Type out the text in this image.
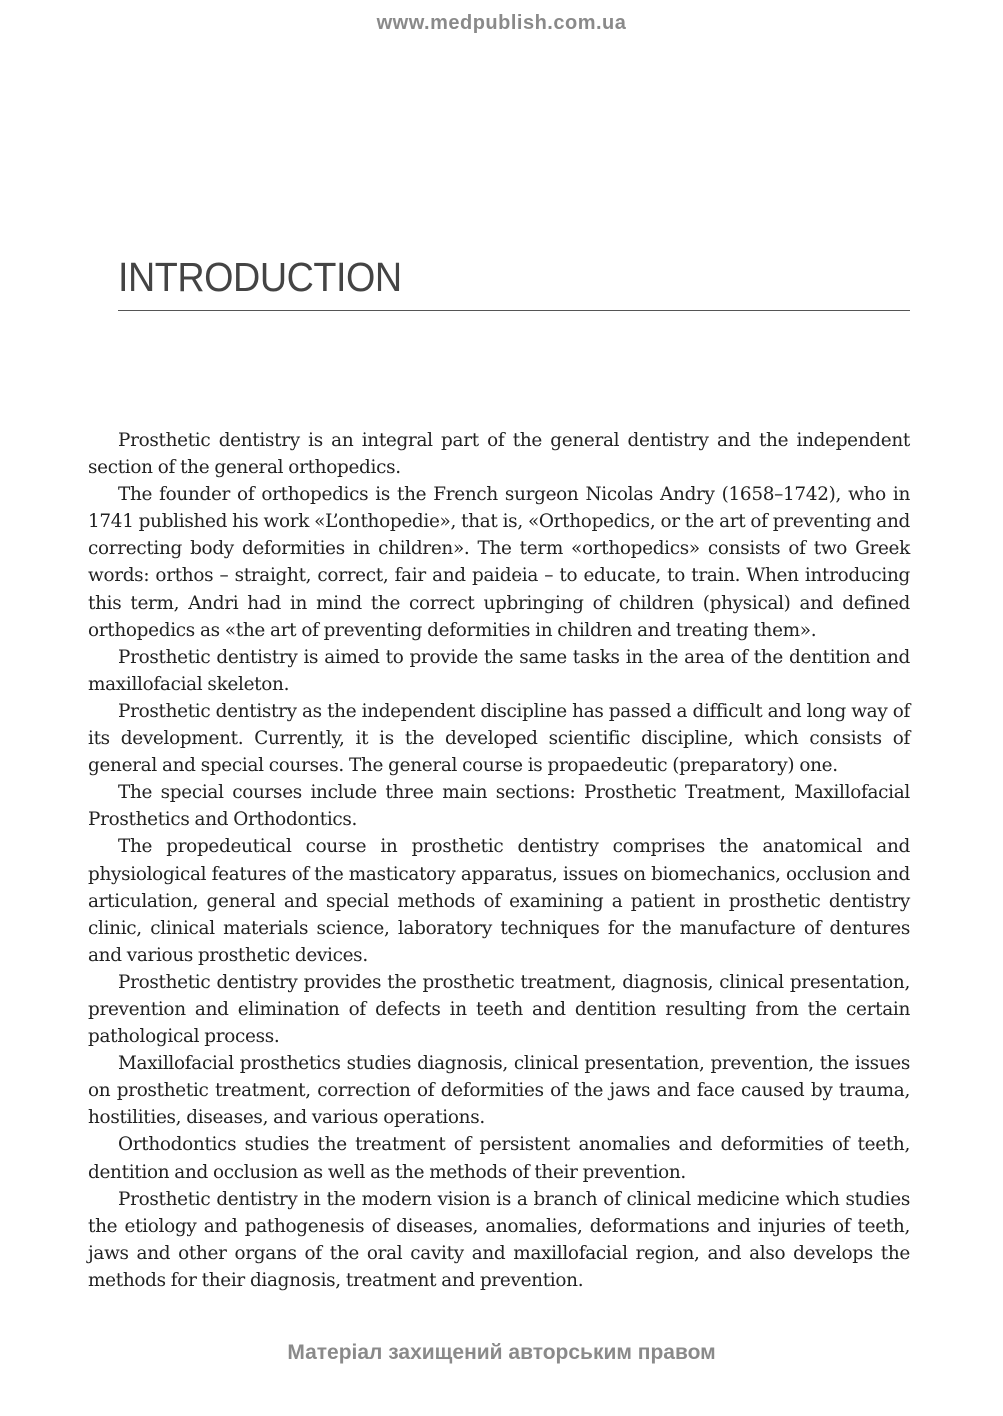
www.medpublish.com.ua
INTRODUCTION

Prosthetic dentistry is an integral part of the general dentistry and the independent section of the general orthopedics.

The founder of orthopedics is the French surgeon Nicolas Andry (1658–1742), who in 1741 published his work «L’onthopedie», that is, «Orthopedics, or the art of preventing and correcting body deformities in children». The term «orthopedics» consists of two Greek words: orthos – straight, correct, fair and paideia – to educate, to train. When introducing this term, Andri had in mind the correct upbringing of children (physical) and defined orthopedics as «the art of preventing deformities in children and treating them».

Prosthetic dentistry is aimed to provide the same tasks in the area of the dentition and maxillofacial skeleton.

Prosthetic dentistry as the independent discipline has passed a difficult and long way of its development. Currently, it is the developed scientific discipline, which consists of general and special courses. The general course is propaedeutic (preparatory) one.

The special courses include three main sections: Prosthetic Treatment, Maxillofacial Prosthetics and Orthodontics.

The propedeutical course in prosthetic dentistry comprises the anatomical and physiological features of the masticatory apparatus, issues on biomechanics, occlusion and articulation, general and special methods of examining a patient in prosthetic dentistry clinic, clinical materials science, laboratory techniques for the manufacture of dentures and various prosthetic devices.

Prosthetic dentistry provides the prosthetic treatment, diagnosis, clinical presentation, prevention and elimination of defects in teeth and dentition resulting from the certain pathological process.

Maxillofacial prosthetics studies diagnosis, clinical presentation, prevention, the issues on prosthetic treatment, correction of deformities of the jaws and face caused by trauma, hostilities, diseases, and various operations.

Orthodontics studies the treatment of persistent anomalies and deformities of teeth, dentition and occlusion as well as the methods of their prevention.

Prosthetic dentistry in the modern vision is a branch of clinical medicine which studies the etiology and pathogenesis of diseases, anomalies, deformations and injuries of teeth, jaws and other organs of the oral cavity and maxillofacial region, and also develops the methods for their diagnosis, treatment and prevention.

Матеріал захищений авторським правом
